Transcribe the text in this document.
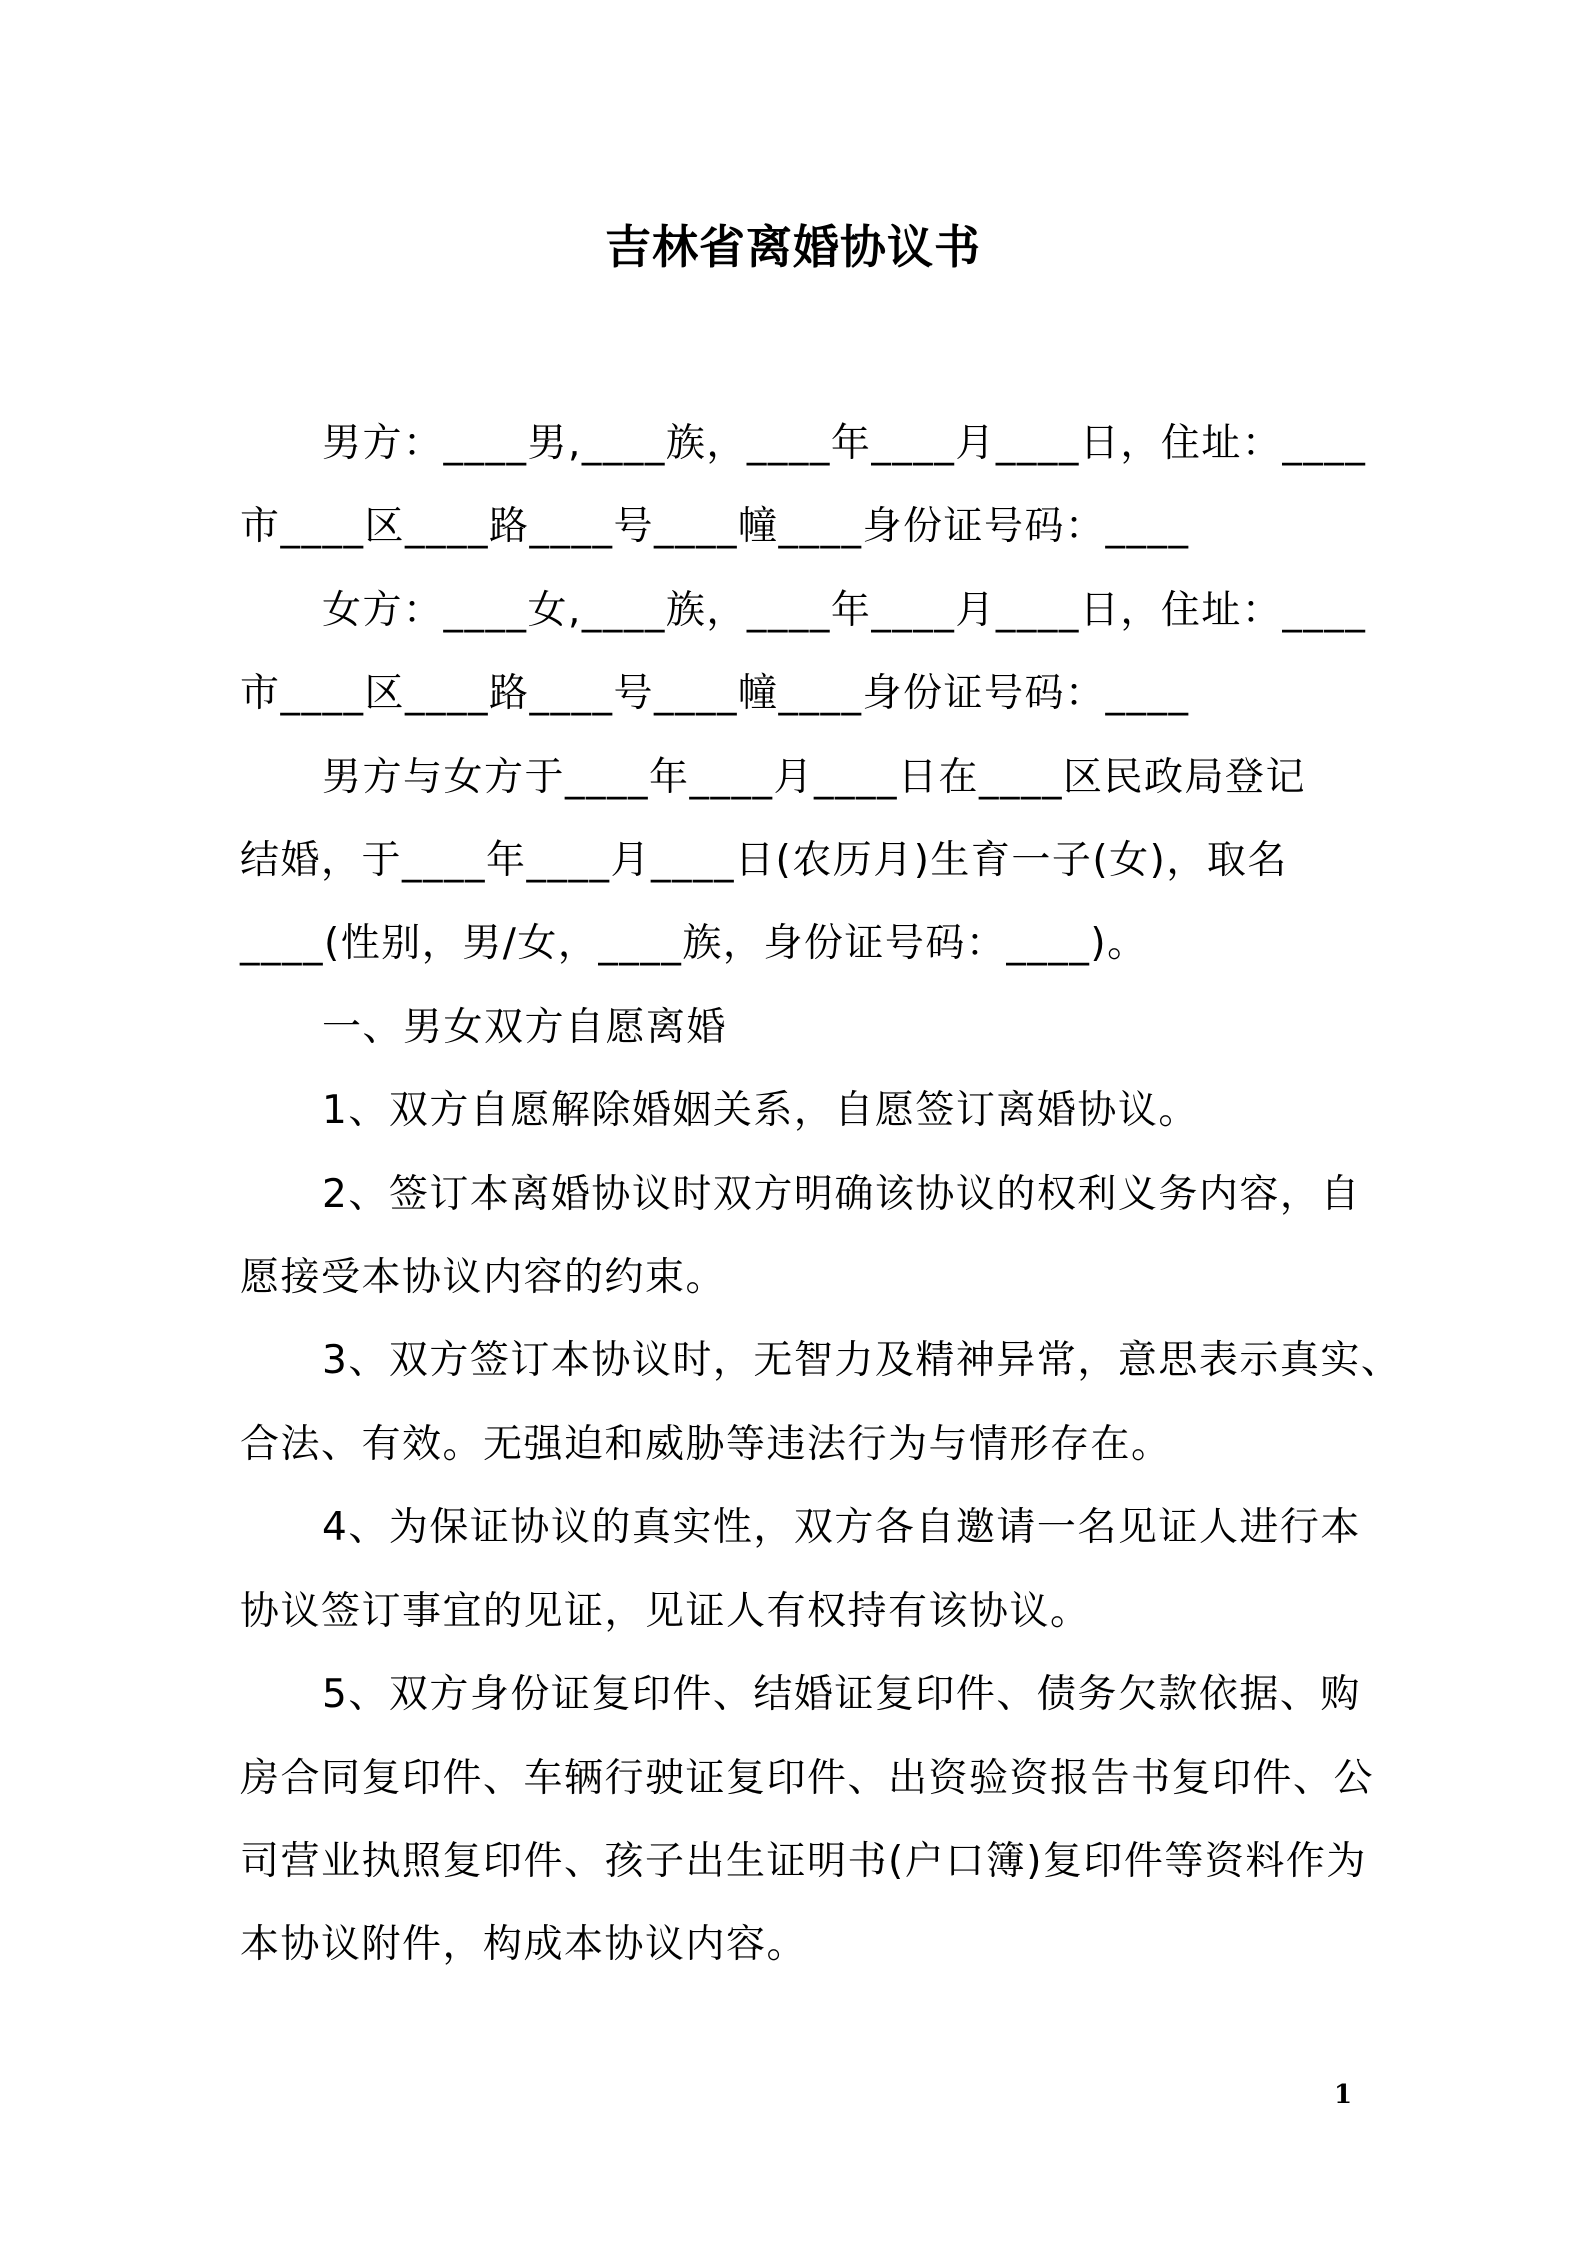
吉林省离婚协议书
男方：____男,____族，____年____月____日，住址：____
市____区____路____号____幢____身份证号码：____
女方：____女,____族，____年____月____日，住址：____
市____区____路____号____幢____身份证号码：____
男方与女方于____年____月____日在____区民政局登记
结婚，于____年____月____日(农历月)生育一子(女)，取名
____(性别，男/女，____族，身份证号码：____)。
一、男女双方自愿离婚
1、双方自愿解除婚姻关系，自愿签订离婚协议。
2、签订本离婚协议时双方明确该协议的权利义务内容，自
愿接受本协议内容的约束。
3、双方签订本协议时，无智力及精神异常，意思表示真实、
合法、有效。无强迫和威胁等违法行为与情形存在。
4、为保证协议的真实性，双方各自邀请一名见证人进行本
协议签订事宜的见证，见证人有权持有该协议。
5、双方身份证复印件、结婚证复印件、债务欠款依据、购
房合同复印件、车辆行驶证复印件、出资验资报告书复印件、公
司营业执照复印件、孩子出生证明书(户口簿)复印件等资料作为
本协议附件，构成本协议内容。
1
